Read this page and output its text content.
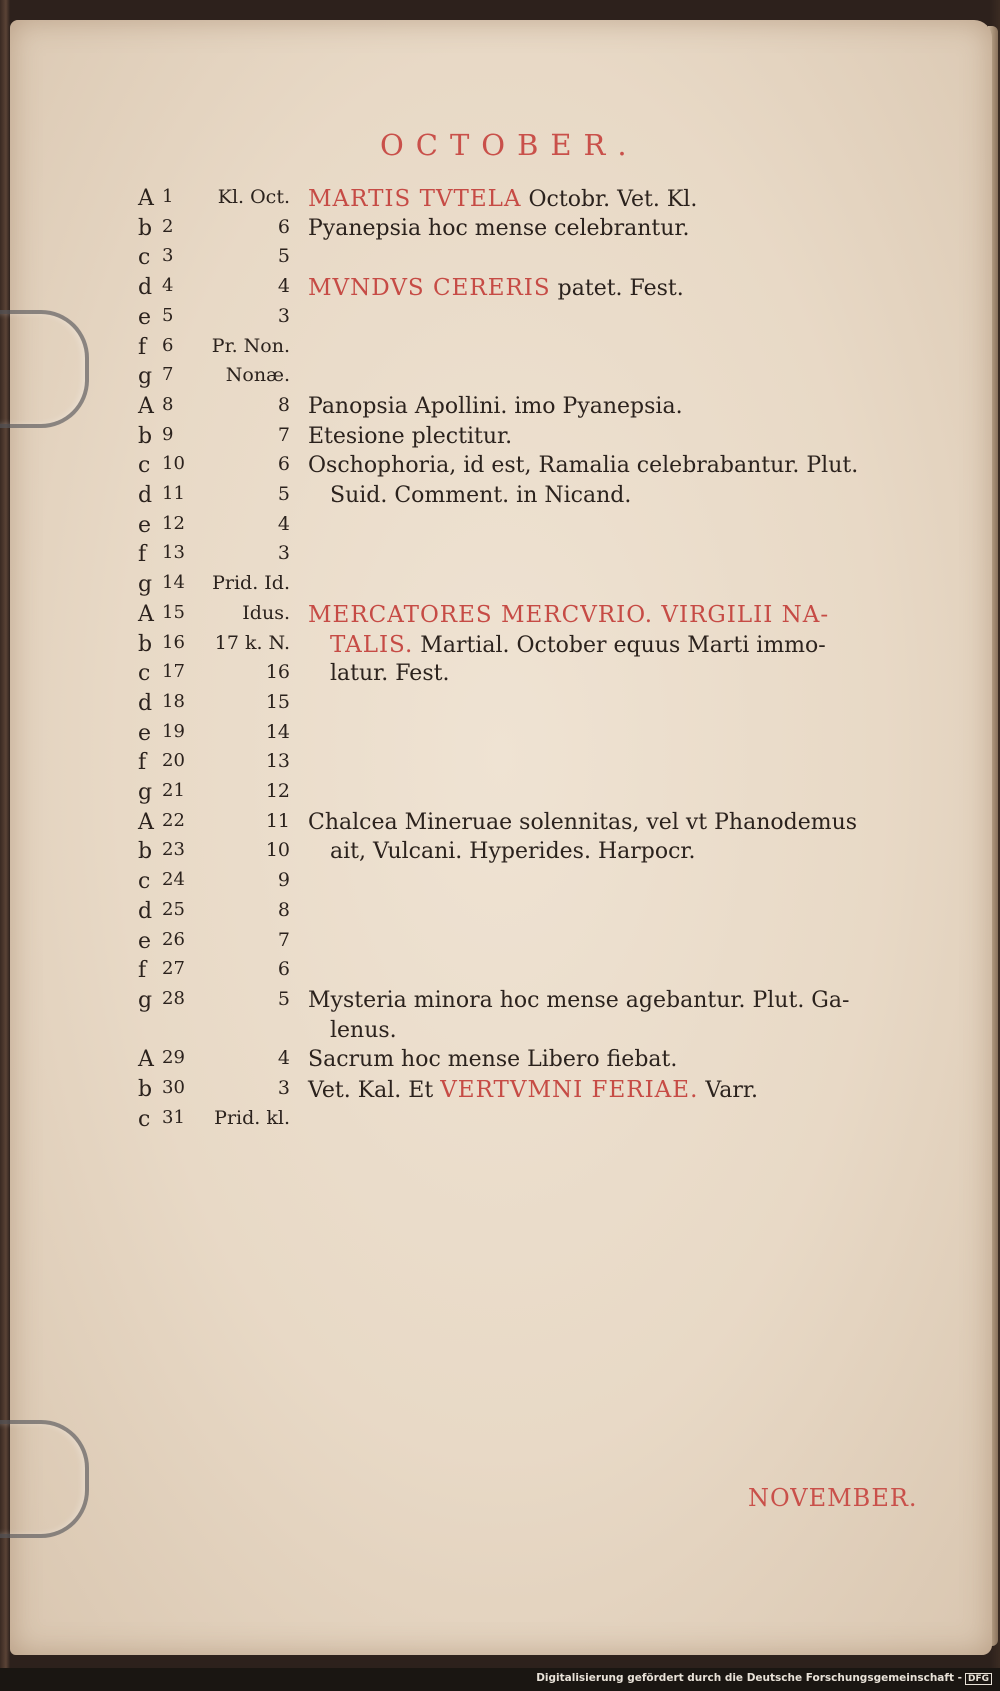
OCTOBER.
A 1	Kl. Oct. MARTIS TVTELA Octobr. Vet. Kl.
b 2	6 Pyanepsia hoc mense celebrantur.
c 3	5
d 4	4 MVNDVS CERERIS patet. Fest.
e 5	3
f 6	Pr. Non.
g 7	Nonæ.
A 8	8 Panopsia Apollini. imo Pyanepsia.
b 9	7 Etesione plectitur.
c 10	6 Oschophoria, id est, Ramalia celebrabantur. Plut.
d 11	5 Suid. Comment. in Nicand.
e 12	4
f 13	3
g 14	Prid. Id.
A 15	Idus. MERCATORES MERCVRIO. VIRGILII NA-
b 16	17 k. N. TALIS. Martial. October equus Marti immo-
c 17	16 latur. Fest.
d 18	15
e 19	14
f 20	13
g 21	12
A 22	11 Chalcea Mineruae solennitas, vel vt Phanodemus
b 23	10 ait, Vulcani. Hyperides. Harpocr.
c 24	9
d 25	8
e 26	7
f 27	6
g 28	5 Mysteria minora hoc mense agebantur. Plut. Ga-
lenus.
A 29	4 Sacrum hoc mense Libero fiebat.
b 30	3 Vet. Kal. Et VERTVMNI FERIAE. Varr.
c 31	Prid. kl.
NOVEMBER.
Digitalisierung gefördert durch die Deutsche Forschungsgemeinschaft - DFG
